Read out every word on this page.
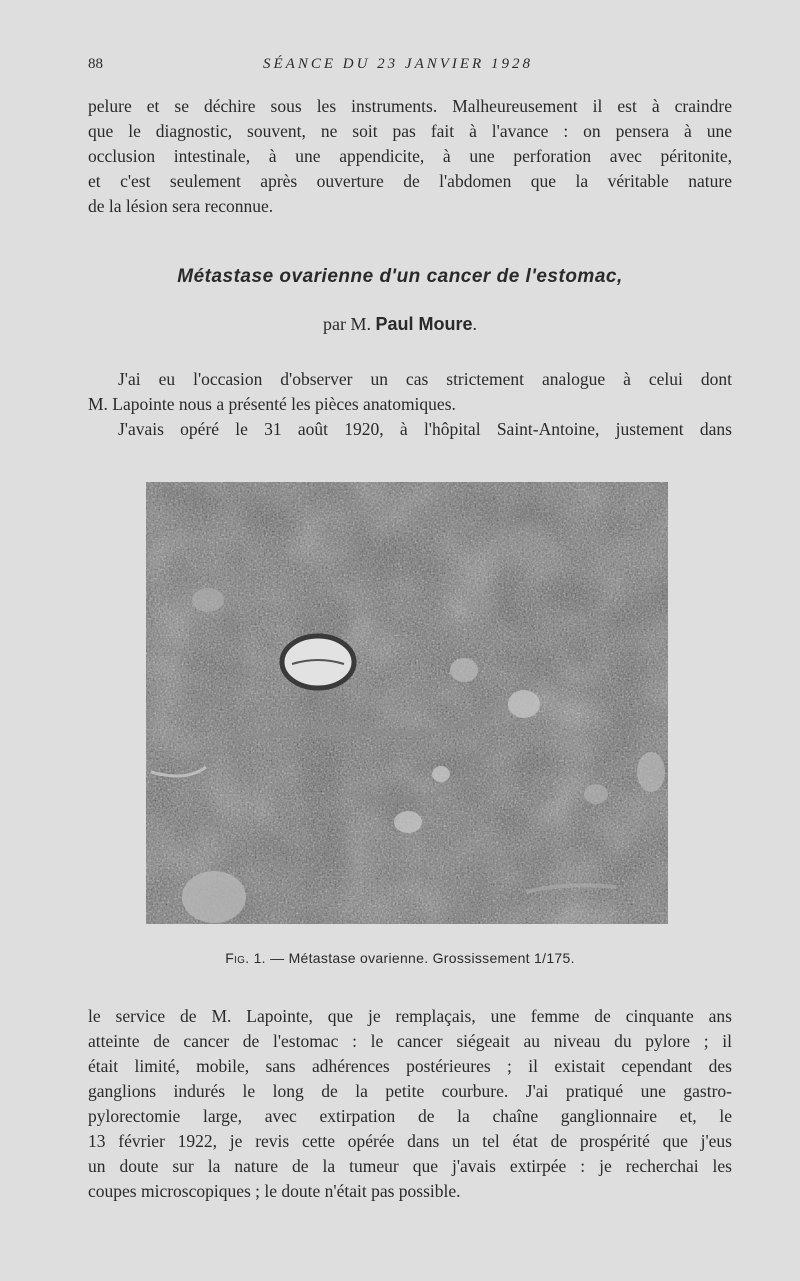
88	SÉANCE DU 23 JANVIER 1928
pelure et se déchire sous les instruments. Malheureusement il est à craindre
que le diagnostic, souvent, ne soit pas fait à l'avance : on pensera à une
occlusion intestinale, à une appendicite, à une perforation avec péritonite,
et c'est seulement après ouverture de l'abdomen que la véritable nature
de la lésion sera reconnue.
Métastase ovarienne d'un cancer de l'estomac,
par M. Paul Moure.
J'ai eu l'occasion d'observer un cas strictement analogue à celui dont
M. Lapointe nous a présenté les pièces anatomiques.
J'avais opéré le 31 août 1920, à l'hôpital Saint-Antoine, justement dans
Fig. 1. — Métastase ovarienne. Grossissement 1/175.
le service de M. Lapointe, que je remplaçais, une femme de cinquante ans
atteinte de cancer de l'estomac : le cancer siégeait au niveau du pylore ; il
était limité, mobile, sans adhérences postérieures ; il existait cependant des
ganglions indurés le long de la petite courbure. J'ai pratiqué une gastro-
pylorectomie large, avec extirpation de la chaîne ganglionnaire et, le
13 février 1922, je revis cette opérée dans un tel état de prospérité que j'eus
un doute sur la nature de la tumeur que j'avais extirpée : je recherchai les
coupes microscopiques ; le doute n'était pas possible.
